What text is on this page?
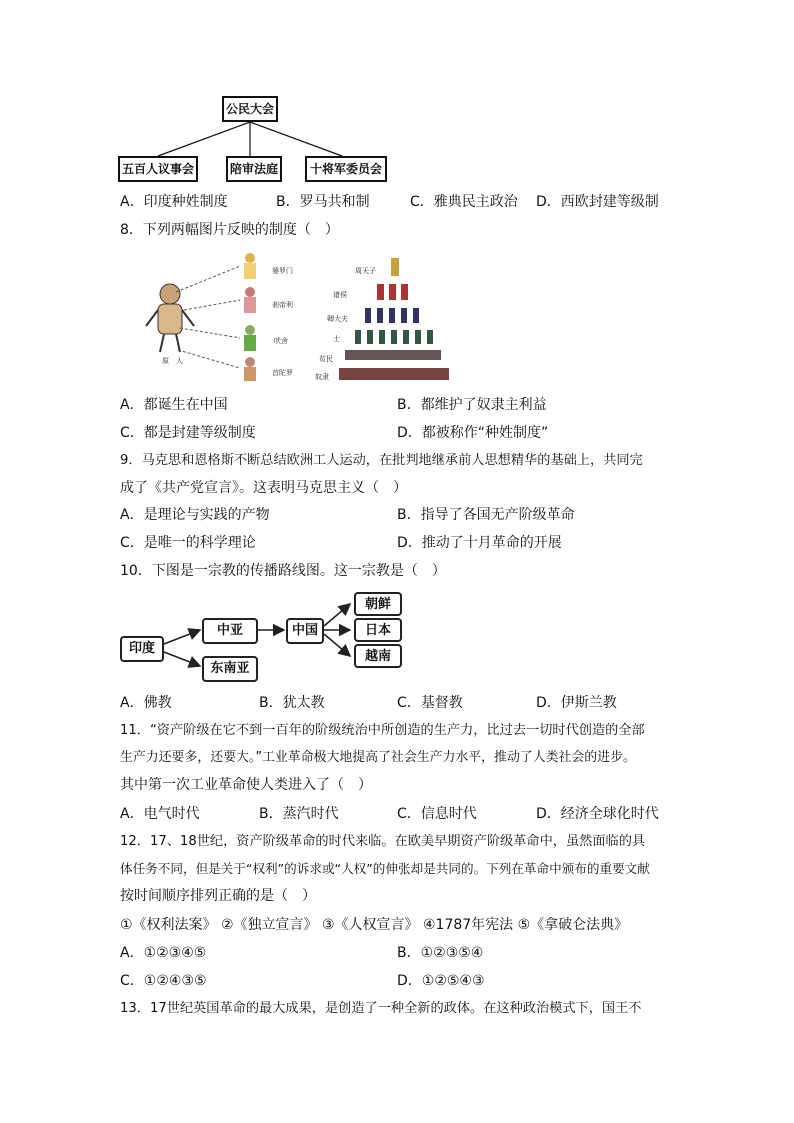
公民大会
五百人议事会	陪审法庭	十将军委员会
A．印度种姓制度	B．罗马共和制	C．雅典民主政治 D．西欧封建等级制
8．下列两幅图片反映的制度（　）
婆罗门
刹帝利
吠舍
首陀罗
原　人
周天子
诸侯
卿大夫
士
贫民
奴隶
A．都诞生在中国	B．都维护了奴隶主利益
C．都是封建等级制度	D．都被称作“种姓制度”
9．马克思和恩格斯不断总结欧洲工人运动，在批判地继承前人思想精华的基础上，共同完
成了《共产党宣言》。这表明马克思主义（　）
A．是理论与实践的产物	B．指导了各国无产阶级革命
C．是唯一的科学理论	D．推动了十月革命的开展
10．下图是一宗教的传播路线图。这一宗教是（　）
印度
中亚
东南亚
中国
朝鲜
日本
越南
A．佛教	B．犹太教	C．基督教	D．伊斯兰教
11．“资产阶级在它不到一百年的阶级统治中所创造的生产力，比过去一切时代创造的全部
生产力还要多，还要大。”工业革命极大地提高了社会生产力水平，推动了人类社会的进步。
其中第一次工业革命使人类进入了（　）
A．电气时代	B．蒸汽时代	C．信息时代	D．经济全球化时代
12．17、18世纪，资产阶级革命的时代来临。在欧美早期资产阶级革命中，虽然面临的具
体任务不同，但是关于“权利”的诉求或“人权”的伸张却是共同的。下列在革命中颁布的重要文献
按时间顺序排列正确的是（　）
①《权利法案》 ②《独立宣言》 ③《人权宣言》 ④1787年宪法 ⑤《拿破仑法典》
A．①②③④⑤	B．①②③⑤④
C．①②④③⑤	D．①②⑤④③
13．17世纪英国革命的最大成果，是创造了一种全新的政体。在这种政治模式下，国王不
